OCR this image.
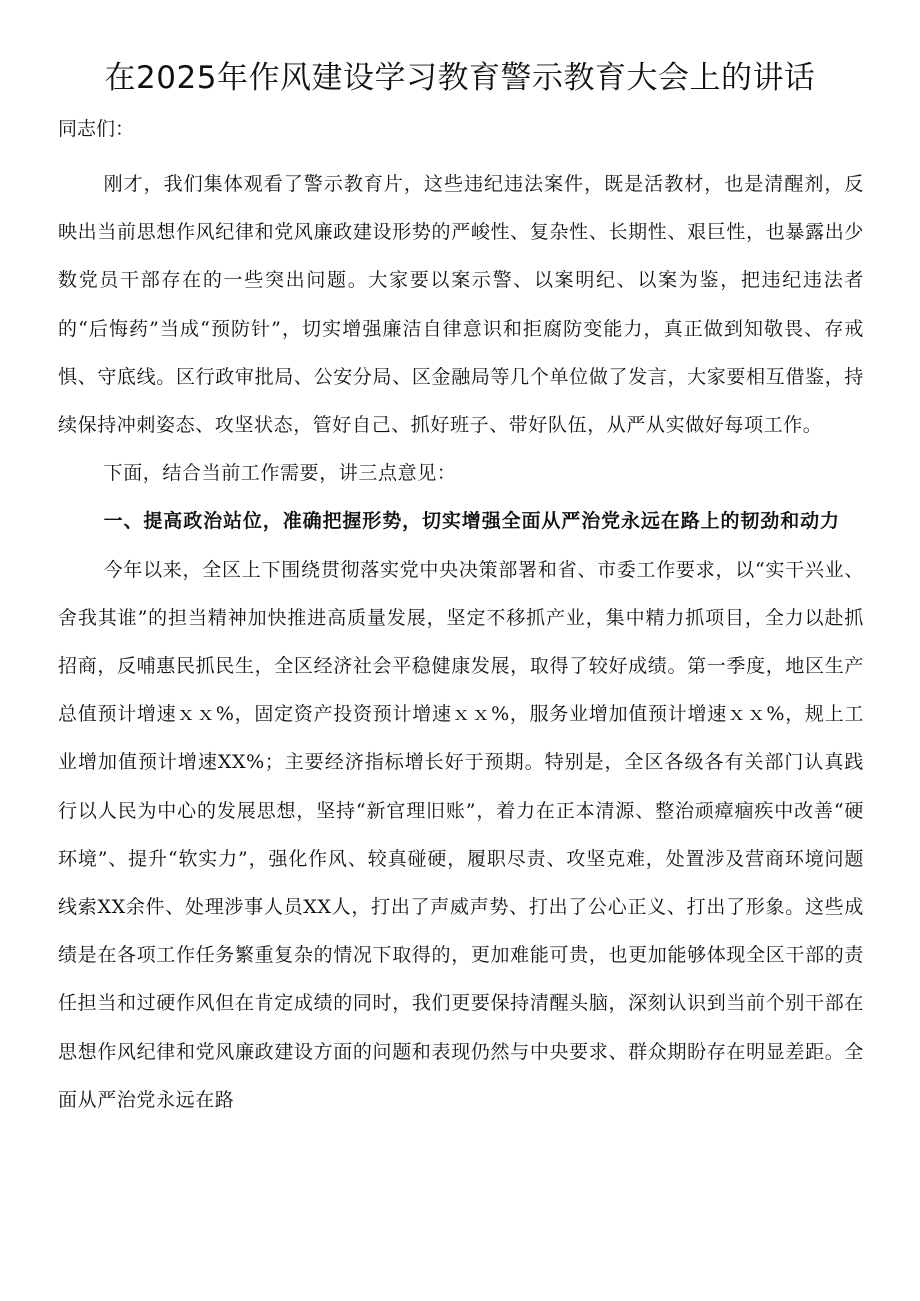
在2025年作风建设学习教育警示教育大会上的讲话

同志们：

刚才，我们集体观看了警示教育片，这些违纪违法案件，既是活教材，也是清醒剂，反映出当前思想作风纪律和党风廉政建设形势的严峻性、复杂性、长期性、艰巨性，也暴露出少数党员干部存在的一些突出问题。大家要以案示警、以案明纪、以案为鉴，把违纪违法者的“后悔药”当成“预防针”，切实增强廉洁自律意识和拒腐防变能力，真正做到知敬畏、存戒惧、守底线。区行政审批局、公安分局、区金融局等几个单位做了发言，大家要相互借鉴，持续保持冲刺姿态、攻坚状态，管好自己、抓好班子、带好队伍，从严从实做好每项工作。

下面，结合当前工作需要，讲三点意见：

一、提高政治站位，准确把握形势，切实增强全面从严治党永远在路上的韧劲和动力

今年以来，全区上下围绕贯彻落实党中央决策部署和省、市委工作要求，以“实干兴业、舍我其谁”的担当精神加快推进高质量发展，坚定不移抓产业，集中精力抓项目，全力以赴抓招商，反哺惠民抓民生，全区经济社会平稳健康发展，取得了较好成绩。第一季度，地区生产总值预计增速ｘｘ%，固定资产投资预计增速ｘｘ%，服务业增加值预计增速ｘｘ%，规上工业增加值预计增速XX%；主要经济指标增长好于预期。特别是，全区各级各有关部门认真践行以人民为中心的发展思想，坚持“新官理旧账”，着力在正本清源、整治顽瘴痼疾中改善“硬环境”、提升“软实力”，强化作风、较真碰硬，履职尽责、攻坚克难，处置涉及营商环境问题线索XX余件、处理涉事人员XX人，打出了声威声势、打出了公心正义、打出了形象。这些成绩是在各项工作任务繁重复杂的情况下取得的，更加难能可贵，也更加能够体现全区干部的责任担当和过硬作风但在肯定成绩的同时，我们更要保持清醒头脑，深刻认识到当前个别干部在思想作风纪律和党风廉政建设方面的问题和表现仍然与中央要求、群众期盼存在明显差距。全面从严治党永远在路
